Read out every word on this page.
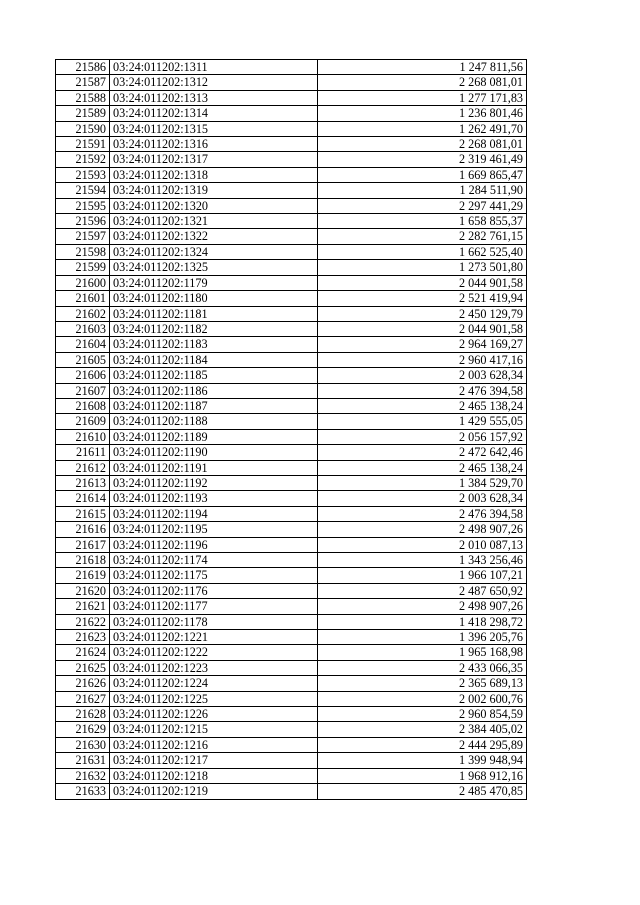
21586	03:24:011202:1311	1 247 811,56
21587	03:24:011202:1312	2 268 081,01
21588	03:24:011202:1313	1 277 171,83
21589	03:24:011202:1314	1 236 801,46
21590	03:24:011202:1315	1 262 491,70
21591	03:24:011202:1316	2 268 081,01
21592	03:24:011202:1317	2 319 461,49
21593	03:24:011202:1318	1 669 865,47
21594	03:24:011202:1319	1 284 511,90
21595	03:24:011202:1320	2 297 441,29
21596	03:24:011202:1321	1 658 855,37
21597	03:24:011202:1322	2 282 761,15
21598	03:24:011202:1324	1 662 525,40
21599	03:24:011202:1325	1 273 501,80
21600	03:24:011202:1179	2 044 901,58
21601	03:24:011202:1180	2 521 419,94
21602	03:24:011202:1181	2 450 129,79
21603	03:24:011202:1182	2 044 901,58
21604	03:24:011202:1183	2 964 169,27
21605	03:24:011202:1184	2 960 417,16
21606	03:24:011202:1185	2 003 628,34
21607	03:24:011202:1186	2 476 394,58
21608	03:24:011202:1187	2 465 138,24
21609	03:24:011202:1188	1 429 555,05
21610	03:24:011202:1189	2 056 157,92
21611	03:24:011202:1190	2 472 642,46
21612	03:24:011202:1191	2 465 138,24
21613	03:24:011202:1192	1 384 529,70
21614	03:24:011202:1193	2 003 628,34
21615	03:24:011202:1194	2 476 394,58
21616	03:24:011202:1195	2 498 907,26
21617	03:24:011202:1196	2 010 087,13
21618	03:24:011202:1174	1 343 256,46
21619	03:24:011202:1175	1 966 107,21
21620	03:24:011202:1176	2 487 650,92
21621	03:24:011202:1177	2 498 907,26
21622	03:24:011202:1178	1 418 298,72
21623	03:24:011202:1221	1 396 205,76
21624	03:24:011202:1222	1 965 168,98
21625	03:24:011202:1223	2 433 066,35
21626	03:24:011202:1224	2 365 689,13
21627	03:24:011202:1225	2 002 600,76
21628	03:24:011202:1226	2 960 854,59
21629	03:24:011202:1215	2 384 405,02
21630	03:24:011202:1216	2 444 295,89
21631	03:24:011202:1217	1 399 948,94
21632	03:24:011202:1218	1 968 912,16
21633	03:24:011202:1219	2 485 470,85
